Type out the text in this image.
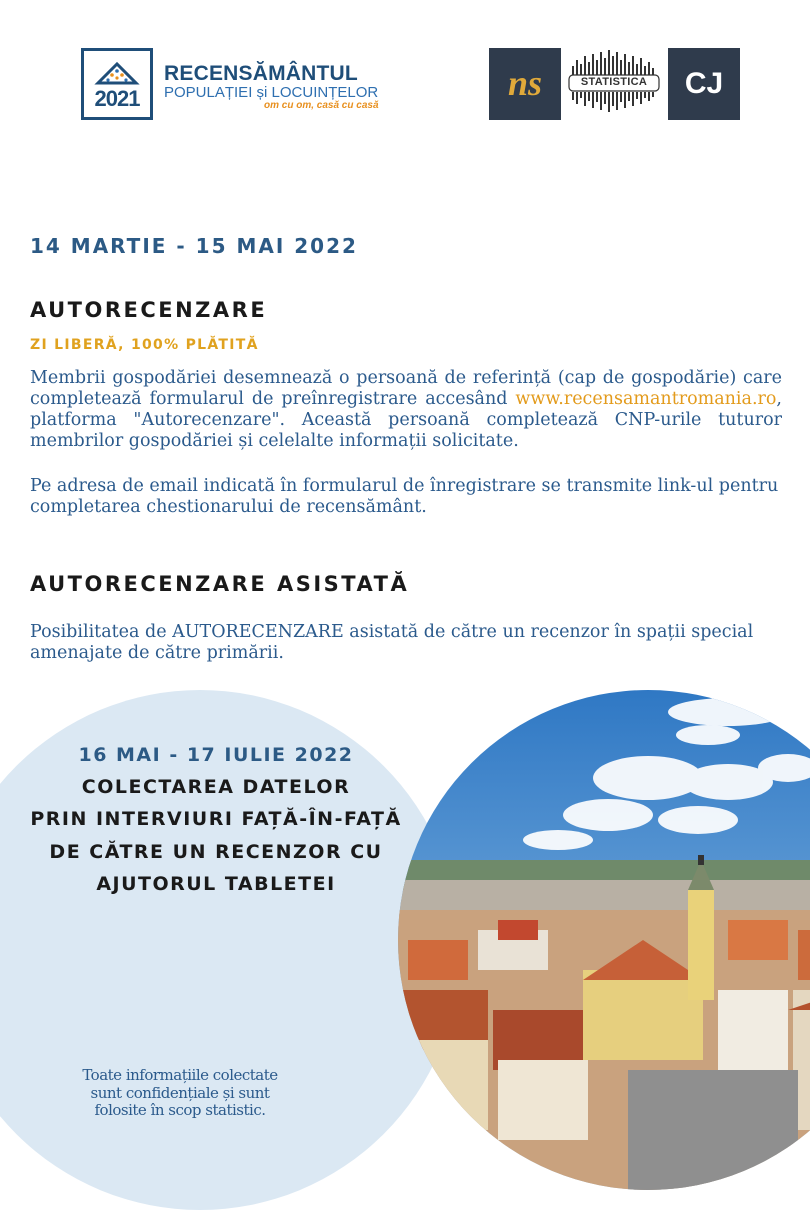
2021
RECENSĂMÂNTUL
POPULAȚIEI și LOCUINȚELOR
om cu om, casă cu casă
ns	STATISTICA	CJ
14 MARTIE - 15 MAI 2022
AUTORECENZARE
ZI LIBERĂ, 100% PLĂTITĂ
Membrii gospodăriei desemnează o persoană de referință (cap de gospodărie) care completează formularul de preînregistrare accesând www.recensamantromania.ro, platforma "Autorecenzare". Această persoană completează CNP-urile tuturor membrilor gospodăriei și celelalte informații solicitate.
Pe adresa de email indicată în formularul de înregistrare se transmite link-ul pentru completarea chestionarului de recensământ.
AUTORECENZARE ASISTATĂ
Posibilitatea de AUTORECENZARE asistată de către un recenzor în spații special amenajate de către primării.
16 MAI - 17 IULIE 2022
COLECTAREA DATELOR
PRIN INTERVIURI FAȚĂ-ÎN-FAȚĂ
DE CĂTRE UN RECENZOR CU
AJUTORUL TABLETEI
Toate informațiile colectate sunt confidențiale și sunt folosite în scop statistic.
